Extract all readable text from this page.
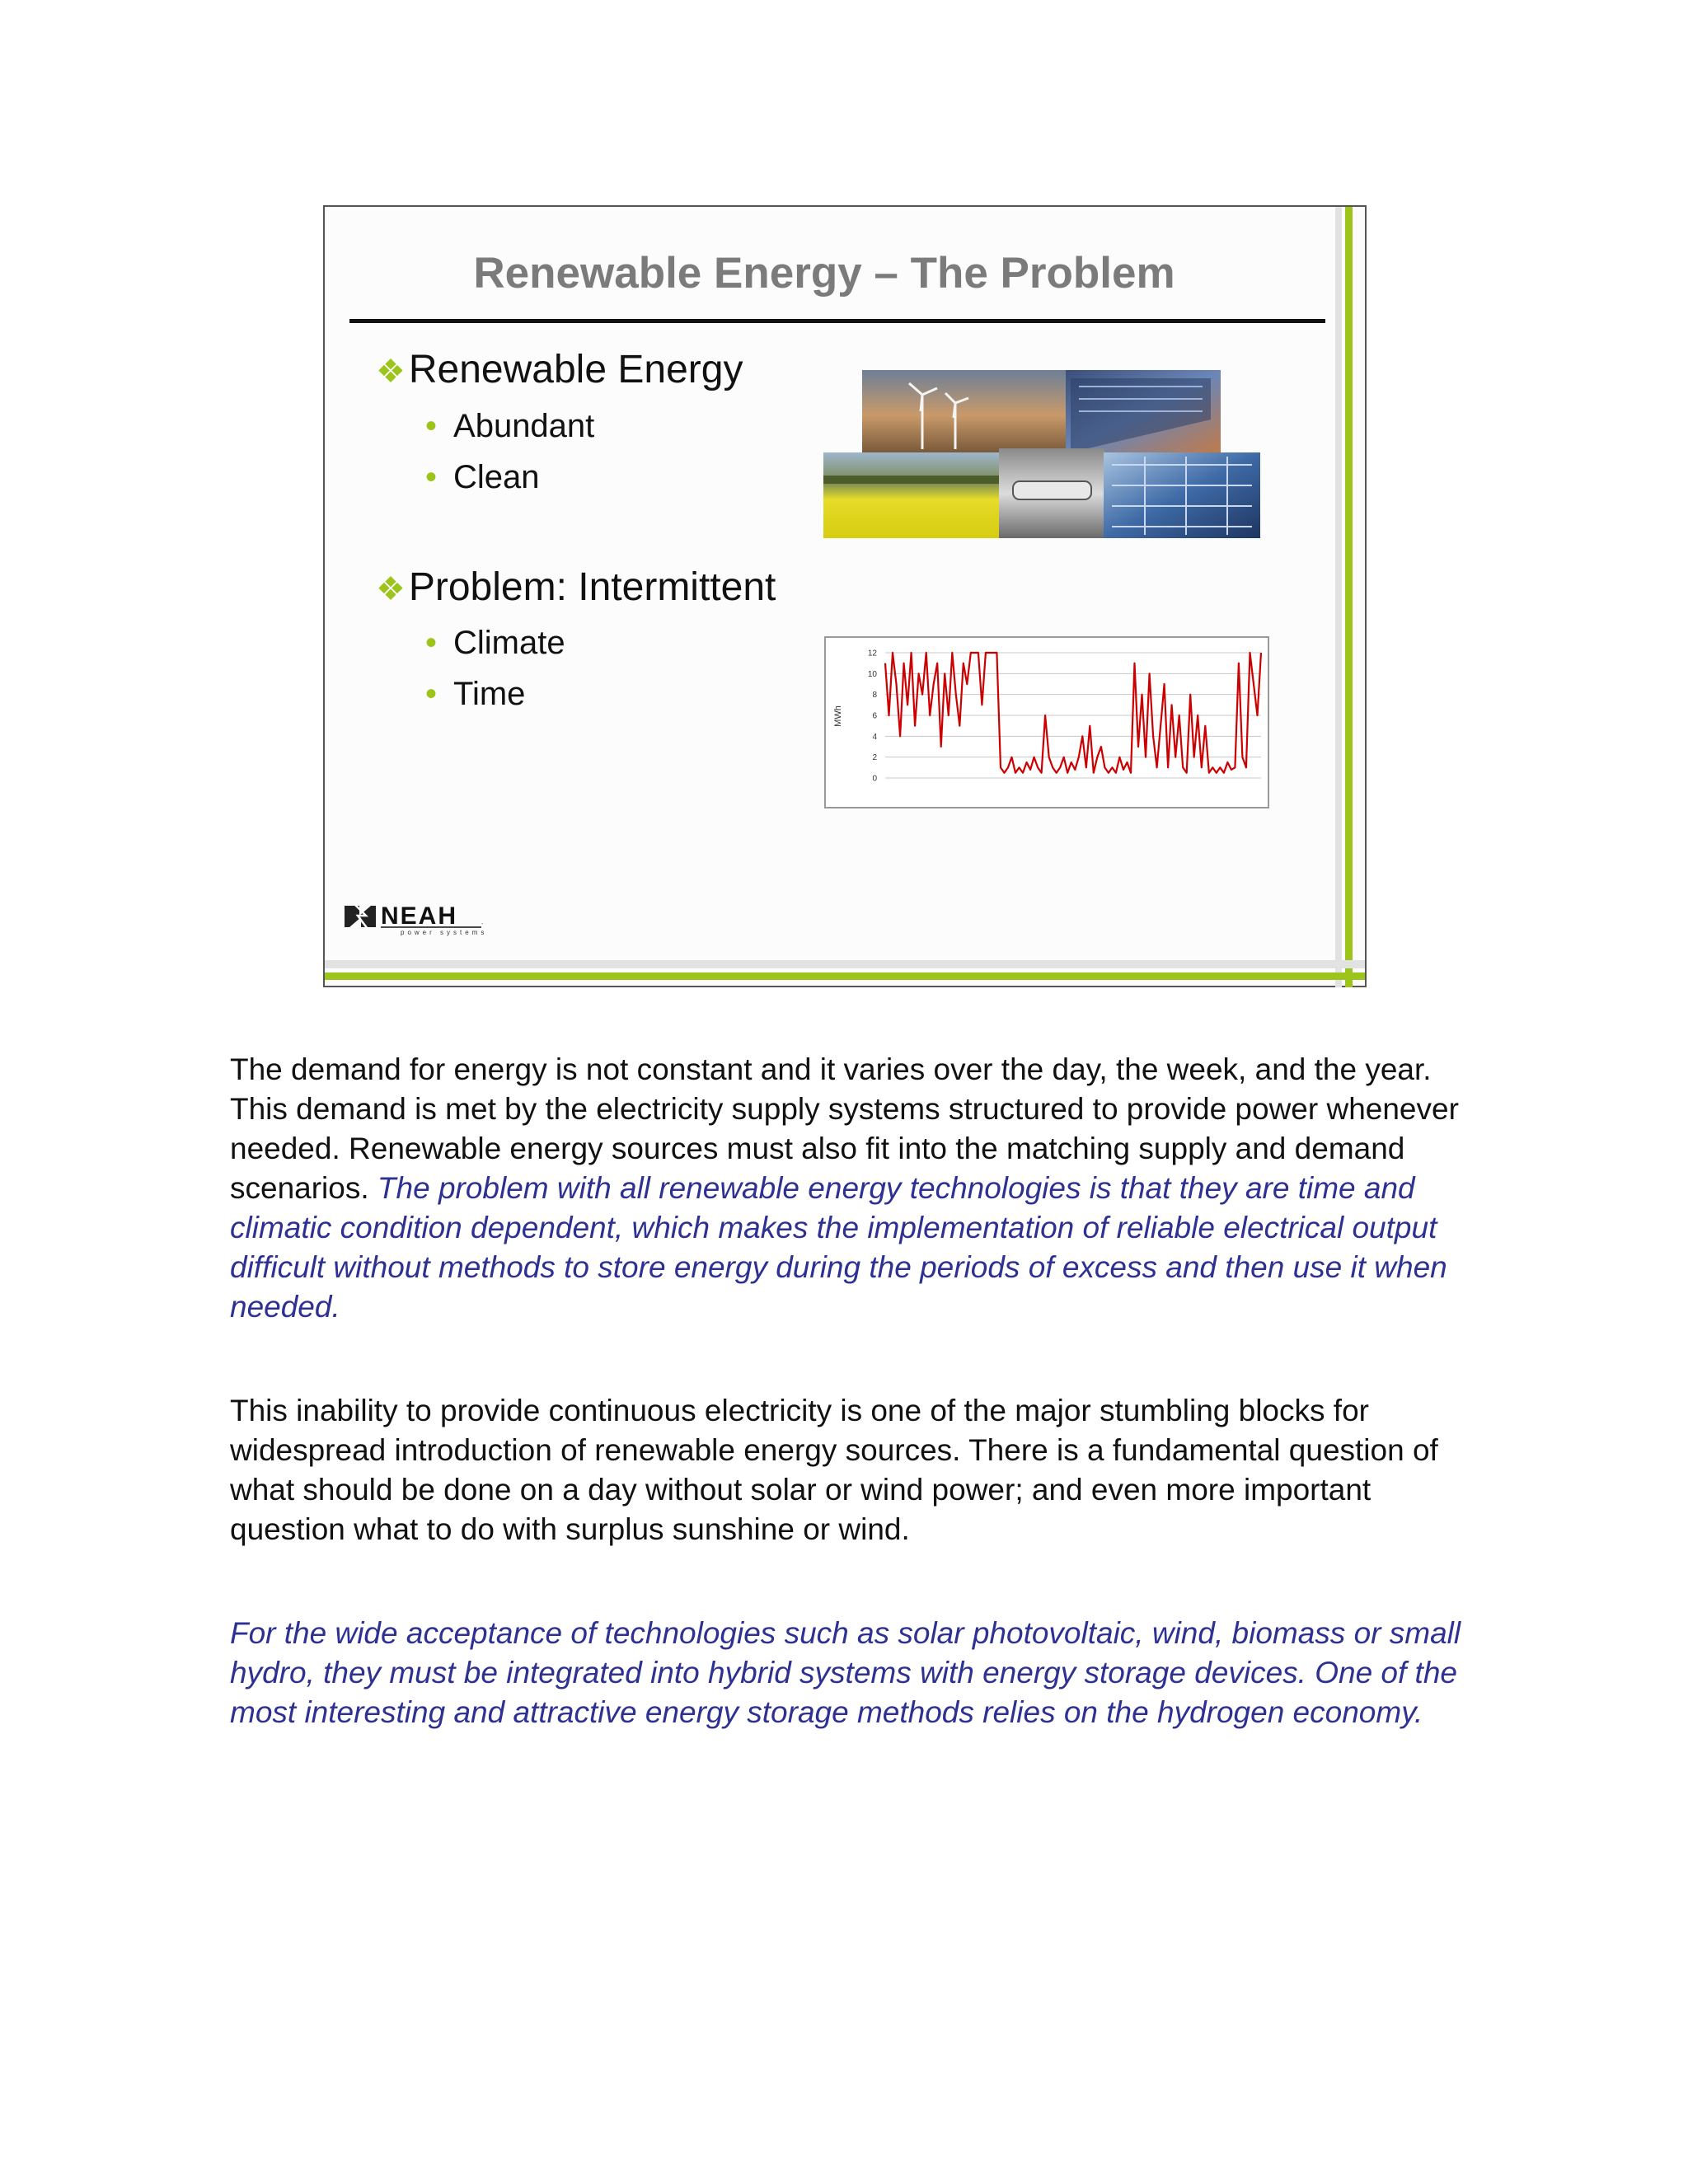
Renewable Energy – The Problem
❖Renewable Energy
• Abundant
• Clean
❖Problem: Intermittent
• Climate
• Time
0
2
4
6
8
10
12
MWh
NEAH	.
power systems

The demand for energy is not constant and it varies over the day, the week, and the year. This demand is met by the electricity supply systems structured to provide power whenever needed. Renewable energy sources must also fit into the matching supply and demand scenarios. The problem with all renewable energy technologies is that they are time and climatic condition dependent, which makes the implementation of reliable electrical output difficult without methods to store energy during the periods of excess and then use it when needed.

This inability to provide continuous electricity is one of the major stumbling blocks for widespread introduction of renewable energy sources. There is a fundamental question of what should be done on a day without solar or wind power; and even more important question what to do with surplus sunshine or wind.

For the wide acceptance of technologies such as solar photovoltaic, wind, biomass or small hydro, they must be integrated into hybrid systems with energy storage devices. One of the most interesting and attractive energy storage methods relies on the hydrogen economy.
